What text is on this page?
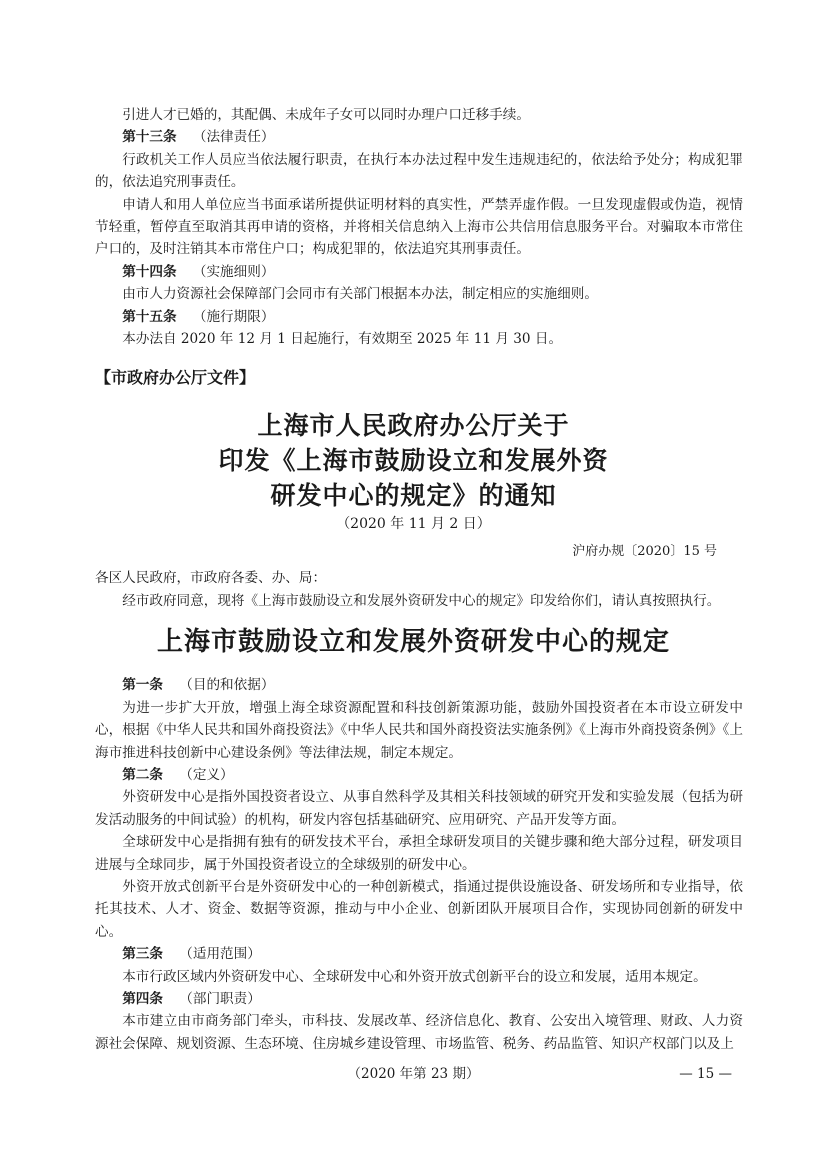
引进人才已婚的，其配偶、未成年子女可以同时办理户口迁移手续。

第十三条 （法律责任）

行政机关工作人员应当依法履行职责，在执行本办法过程中发生违规违纪的，依法给予处分；构成犯罪的，依法追究刑事责任。

申请人和用人单位应当书面承诺所提供证明材料的真实性，严禁弄虚作假。一旦发现虚假或伪造，视情节轻重，暂停直至取消其再申请的资格，并将相关信息纳入上海市公共信用信息服务平台。对骗取本市常住户口的，及时注销其本市常住户口；构成犯罪的，依法追究其刑事责任。

第十四条 （实施细则）

由市人力资源社会保障部门会同市有关部门根据本办法，制定相应的实施细则。

第十五条 （施行期限）

本办法自 2020 年 12 月 1 日起施行，有效期至 2025 年 11 月 30 日。

【市政府办公厅文件】
上海市人民政府办公厅关于
印发《上海市鼓励设立和发展外资
研发中心的规定》的通知
（2020 年 11 月 2 日）
沪府办规〔2020〕15 号

各区人民政府，市政府各委、办、局：

经市政府同意，现将《上海市鼓励设立和发展外资研发中心的规定》印发给你们，请认真按照执行。

上海市鼓励设立和发展外资研发中心的规定

第一条 （目的和依据）

为进一步扩大开放，增强上海全球资源配置和科技创新策源功能，鼓励外国投资者在本市设立研发中心，根据《中华人民共和国外商投资法》《中华人民共和国外商投资法实施条例》《上海市外商投资条例》《上海市推进科技创新中心建设条例》等法律法规，制定本规定。

第二条 （定义）

外资研发中心是指外国投资者设立、从事自然科学及其相关科技领域的研究开发和实验发展（包括为研发活动服务的中间试验）的机构，研发内容包括基础研究、应用研究、产品开发等方面。

全球研发中心是指拥有独有的研发技术平台，承担全球研发项目的关键步骤和绝大部分过程，研发项目进展与全球同步，属于外国投资者设立的全球级别的研发中心。

外资开放式创新平台是外资研发中心的一种创新模式，指通过提供设施设备、研发场所和专业指导，依托其技术、人才、资金、数据等资源，推动与中小企业、创新团队开展项目合作，实现协同创新的研发中心。

第三条 （适用范围）

本市行政区域内外资研发中心、全球研发中心和外资开放式创新平台的设立和发展，适用本规定。

第四条 （部门职责）

本市建立由市商务部门牵头，市科技、发展改革、经济信息化、教育、公安出入境管理、财政、人力资源社会保障、规划资源、生态环境、住房城乡建设管理、市场监管、税务、药品监管、知识产权部门以及上

（2020 年第 23 期）	— 15 —
